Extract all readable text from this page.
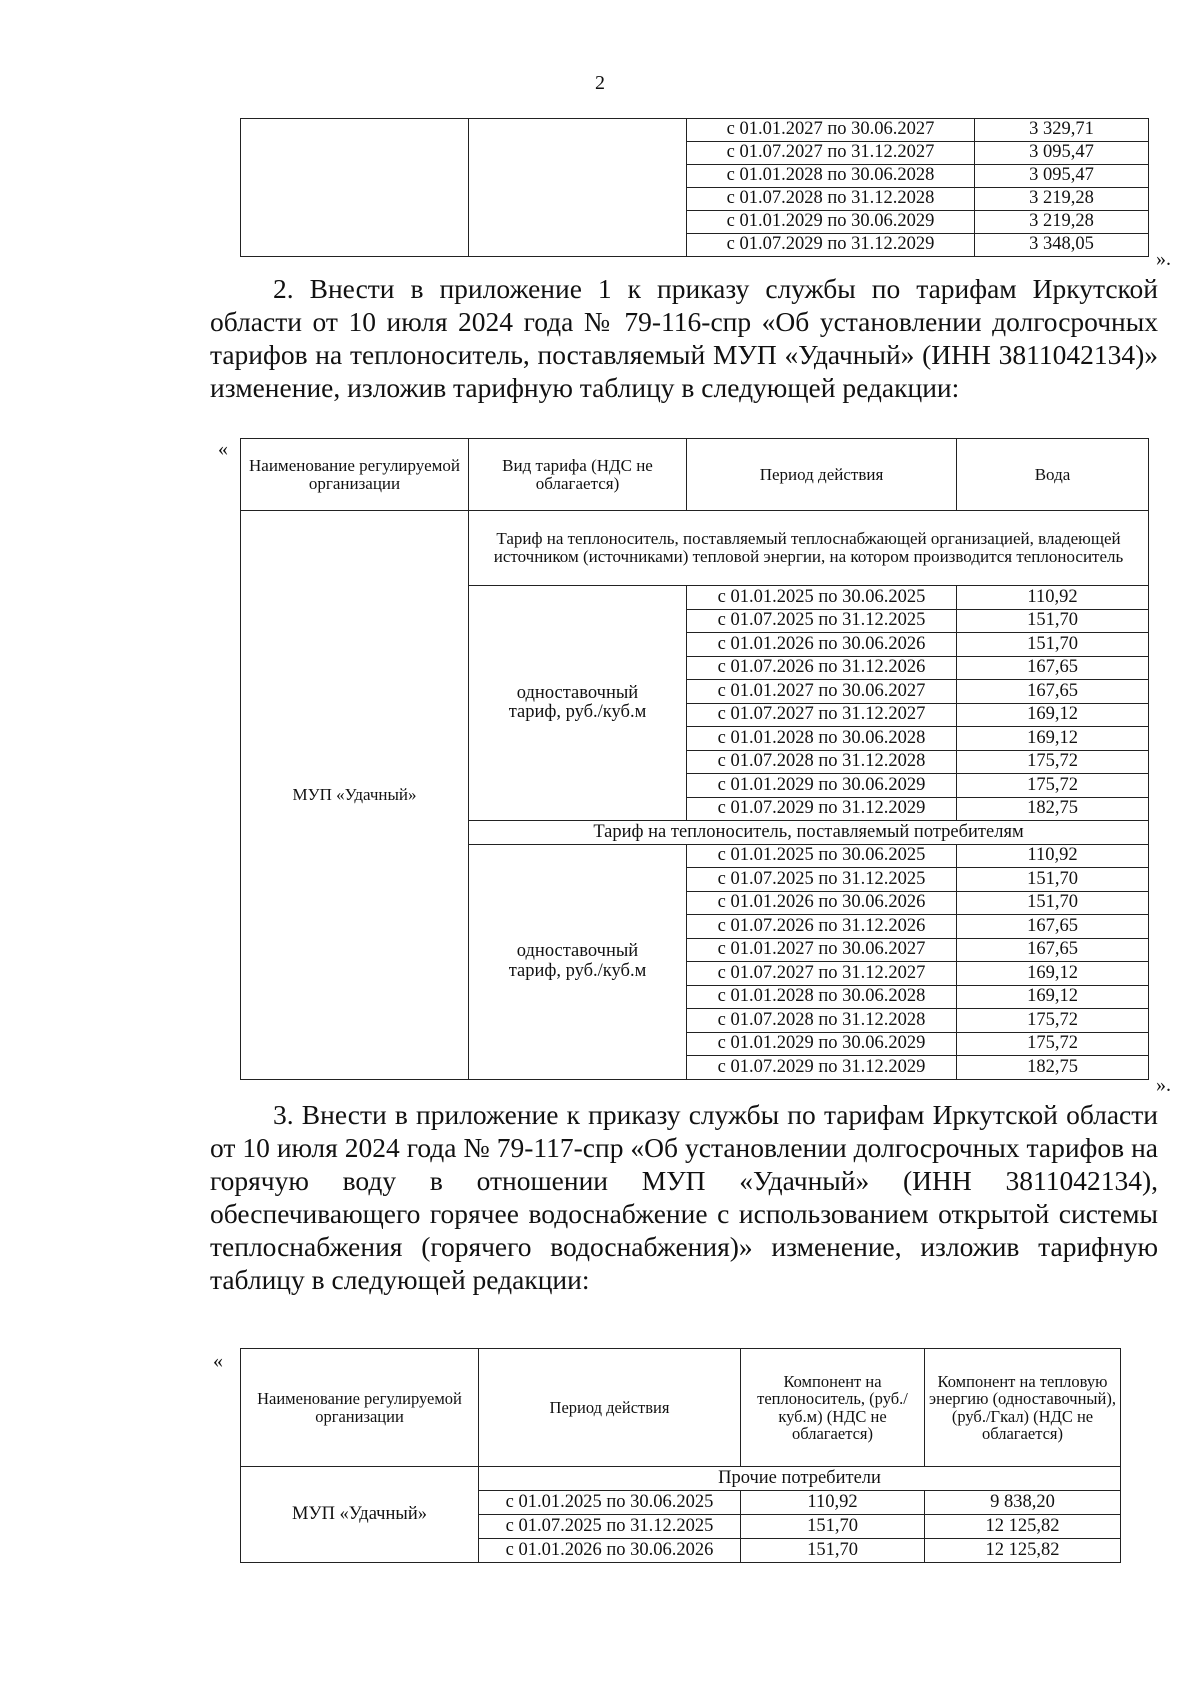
2
		с 01.01.2027 по 30.06.2027	3 329,71
		с 01.07.2027 по 31.12.2027	3 095,47
		с 01.01.2028 по 30.06.2028	3 095,47
		с 01.07.2028 по 31.12.2028	3 219,28
		с 01.01.2029 по 30.06.2029	3 219,28
		с 01.07.2029 по 31.12.2029	3 348,05
».

2. Внести в приложение 1 к приказу службы по тарифам Иркутской области от 10 июля 2024 года № 79-116-спр «Об установлении долгосрочных тарифов на теплоноситель, поставляемый МУП «Удачный» (ИНН 3811042134)» изменение, изложив тарифную таблицу в следующей редакции:

«
Наименование регулируемой организации	Вид тарифа (НДС не облагается)	Период действия	Вода
МУП «Удачный»	Тариф на теплоноситель, поставляемый теплоснабжающей организацией, владеющей источником (источниками) тепловой энергии, на котором производится теплоноситель		
	одноставочный тариф, руб./куб.м	с 01.01.2025 по 30.06.2025	110,92
		с 01.07.2025 по 31.12.2025	151,70
		с 01.01.2026 по 30.06.2026	151,70
		с 01.07.2026 по 31.12.2026	167,65
		с 01.01.2027 по 30.06.2027	167,65
		с 01.07.2027 по 31.12.2027	169,12
		с 01.01.2028 по 30.06.2028	169,12
		с 01.07.2028 по 31.12.2028	175,72
		с 01.01.2029 по 30.06.2029	175,72
		с 01.07.2029 по 31.12.2029	182,75
	Тариф на теплоноситель, поставляемый потребителям		
	одноставочный тариф, руб./куб.м	с 01.01.2025 по 30.06.2025	110,92
		с 01.07.2025 по 31.12.2025	151,70
		с 01.01.2026 по 30.06.2026	151,70
		с 01.07.2026 по 31.12.2026	167,65
		с 01.01.2027 по 30.06.2027	167,65
		с 01.07.2027 по 31.12.2027	169,12
		с 01.01.2028 по 30.06.2028	169,12
		с 01.07.2028 по 31.12.2028	175,72
		с 01.01.2029 по 30.06.2029	175,72
		с 01.07.2029 по 31.12.2029	182,75
».

3. Внести в приложение к приказу службы по тарифам Иркутской области от 10 июля 2024 года № 79-117-спр «Об установлении долгосрочных тарифов на горячую воду в отношении МУП «Удачный» (ИНН 3811042134), обеспечивающего горячее водоснабжение с использованием открытой системы теплоснабжения (горячего водоснабжения)» изменение, изложив тарифную таблицу в следующей редакции:

«
Наименование регулируемой организации	Период действия	Компонент на теплоноситель, (руб./куб.м) (НДС не облагается)	Компонент на тепловую энергию (одноставочный), (руб./Гкал) (НДС не облагается)
МУП «Удачный»	Прочие потребители		
	с 01.01.2025 по 30.06.2025	110,92	9 838,20
	с 01.07.2025 по 31.12.2025	151,70	12 125,82
	с 01.01.2026 по 30.06.2026	151,70	12 125,82
